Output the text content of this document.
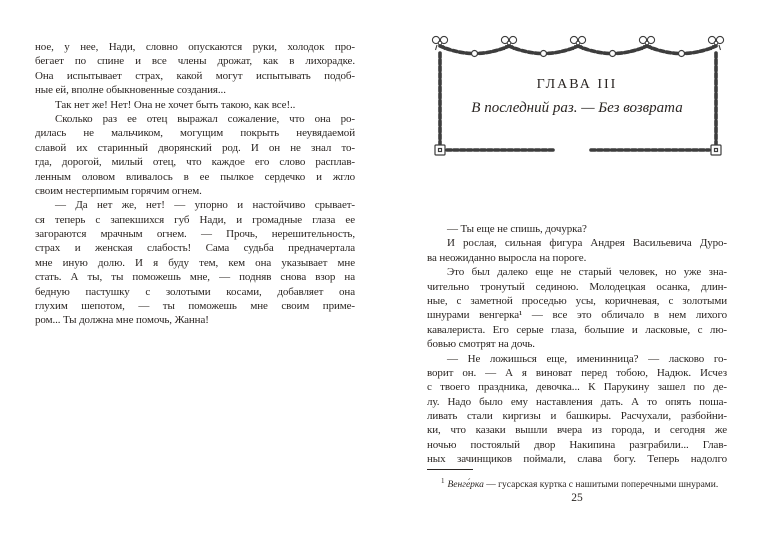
ное, у нее, Нади, словно опускаются руки, холодок про-
бегает по спине и все члены дрожат, как в лихорадке.
Она испытывает страх, какой могут испытывать подоб-
ные ей, вполне обыкновенные создания...
Так нет же! Нет! Она не хочет быть такою, как все!..
Сколько раз ее отец выражал сожаление, что она ро-
дилась не мальчиком, могущим покрыть неувядаемой
славой их старинный дворянский род. И он не знал то-
гда, дорогой, милый отец, что каждое его слово расплав-
ленным оловом вливалось в ее пылкое сердечко и жгло
своим нестерпимым горячим огнем.
— Да нет же, нет! — упорно и настойчиво срывает-
ся теперь с запекшихся губ Нади, и громадные глаза ее
загораются мрачным огнем. — Прочь, нерешительность,
страх и женская слабость! Сама судьба предначертала
мне иную долю. И я буду тем, кем она указывает мне
стать. А ты, ты поможешь мне, — подняв снова взор на
бедную пастушку с золотыми косами, добавляет она
глухим шепотом, — ты поможешь мне своим приме-
ром... Ты должна мне помочь, Жанна!
ГЛАВА III
В последний раз. — Без возврата
— Ты еще не спишь, дочурка?
И рослая, сильная фигура Андрея Васильевича Дуро-
ва неожиданно выросла на пороге.
Это был далеко еще не старый человек, но уже зна-
чительно тронутый сединою. Молодецкая осанка, длин-
ные, с заметной проседью усы, коричневая, с золотыми
шнурами венгерка¹ — все это обличало в нем лихого
кавалериста. Его серые глаза, большие и ласковые, с лю-
бовью смотрят на дочь.
— Не ложишься еще, именинница? — ласково го-
ворит он. — А я виноват перед тобою, Надюк. Исчез
с твоего праздника, девочка... К Парукину зашел по де-
лу. Надо было ему наставления дать. А то опять поша-
ливать стали киргизы и башкиры. Расчухали, разбойни-
ки, что казаки вышли вчера из города, и сегодня же
ночью постоялый двор Накипина разграбили... Глав-
ных зачинщиков поймали, слава богу. Теперь надолго
$^1$ Венге́рка — гусарская куртка с нашитыми поперечными шнурами.
25
